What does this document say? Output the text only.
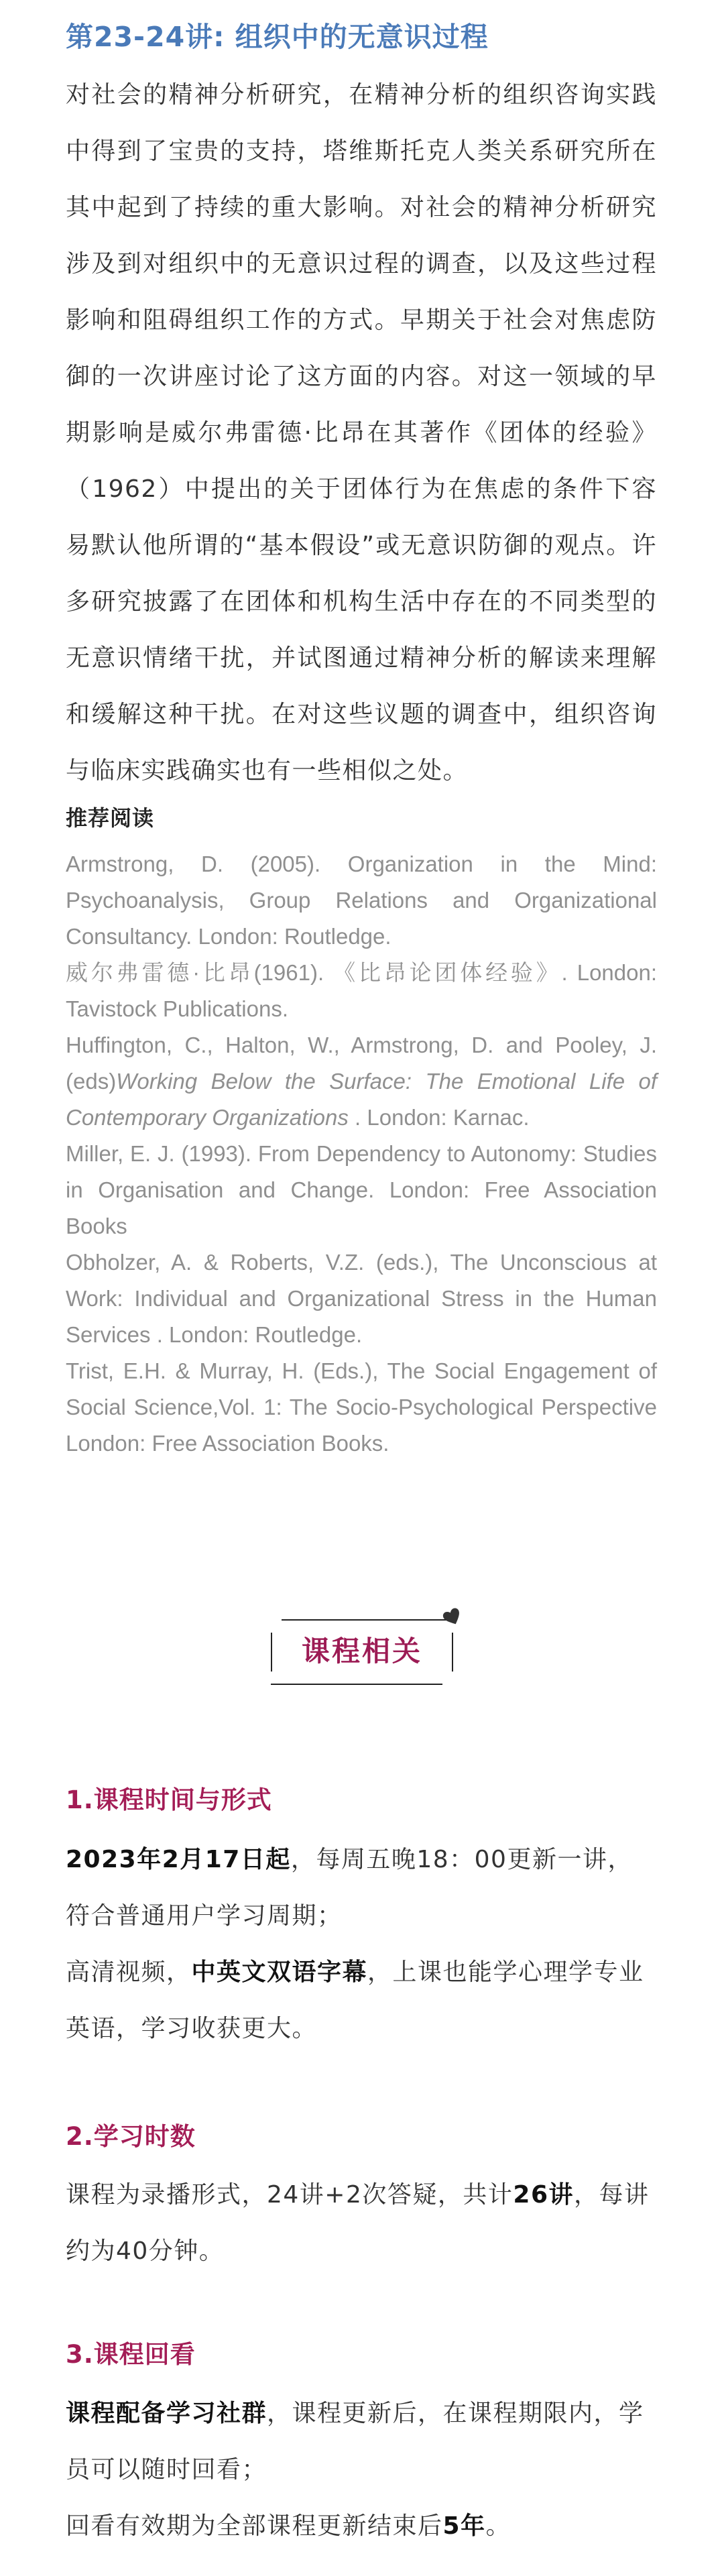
第23-24讲: 组织中的无意识过程
对社会的精神分析研究，在精神分析的组织咨询实践中得到了宝贵的支持，塔维斯托克人类关系研究所在其中起到了持续的重大影响。对社会的精神分析研究涉及到对组织中的无意识过程的调查，以及这些过程影响和阻碍组织工作的方式。早期关于社会对焦虑防御的一次讲座讨论了这方面的内容。对这一领域的早期影响是威尔弗雷德·比昂在其著作《团体的经验》（1962）中提出的关于团体行为在焦虑的条件下容易默认他所谓的“基本假设”或无意识防御的观点。许多研究披露了在团体和机构生活中存在的不同类型的无意识情绪干扰，并试图通过精神分析的解读来理解和缓解这种干扰。在对这些议题的调查中，组织咨询与临床实践确实也有一些相似之处。
推荐阅读

Armstrong, D. (2005). Organization in the Mind: Psychoanalysis, Group Relations and Organizational Consultancy. London: Routledge.

威尔弗雷德·比昂(1961). 《比昂论团体经验》. London: Tavistock Publications.

Huffington, C., Halton, W., Armstrong, D. and Pooley, J. (eds)Working Below the Surface: The Emotional Life of Contemporary Organizations . London: Karnac.

Miller, E. J. (1993). From Dependency to Autonomy: Studies in Organisation and Change. London: Free Association Books

Obholzer, A. & Roberts, V.Z. (eds.), The Unconscious at Work: Individual and Organizational Stress in the Human Services . London: Routledge.

Trist, E.H. & Murray, H. (Eds.), The Social Engagement of Social Science,Vol. 1: The Socio-Psychological Perspective London: Free Association Books.

课程相关
1.课程时间与形式

2023年2月17日起，每周五晚18：00更新一讲，符合普通用户学习周期；

高清视频，中英文双语字幕，上课也能学心理学专业英语，学习收获更大。

2.学习时数

课程为录播形式，24讲+2次答疑，共计26讲，每讲约为40分钟。

3.课程回看

课程配备学习社群，课程更新后，在课程期限内，学员可以随时回看；

回看有效期为全部课程更新结束后5年。
